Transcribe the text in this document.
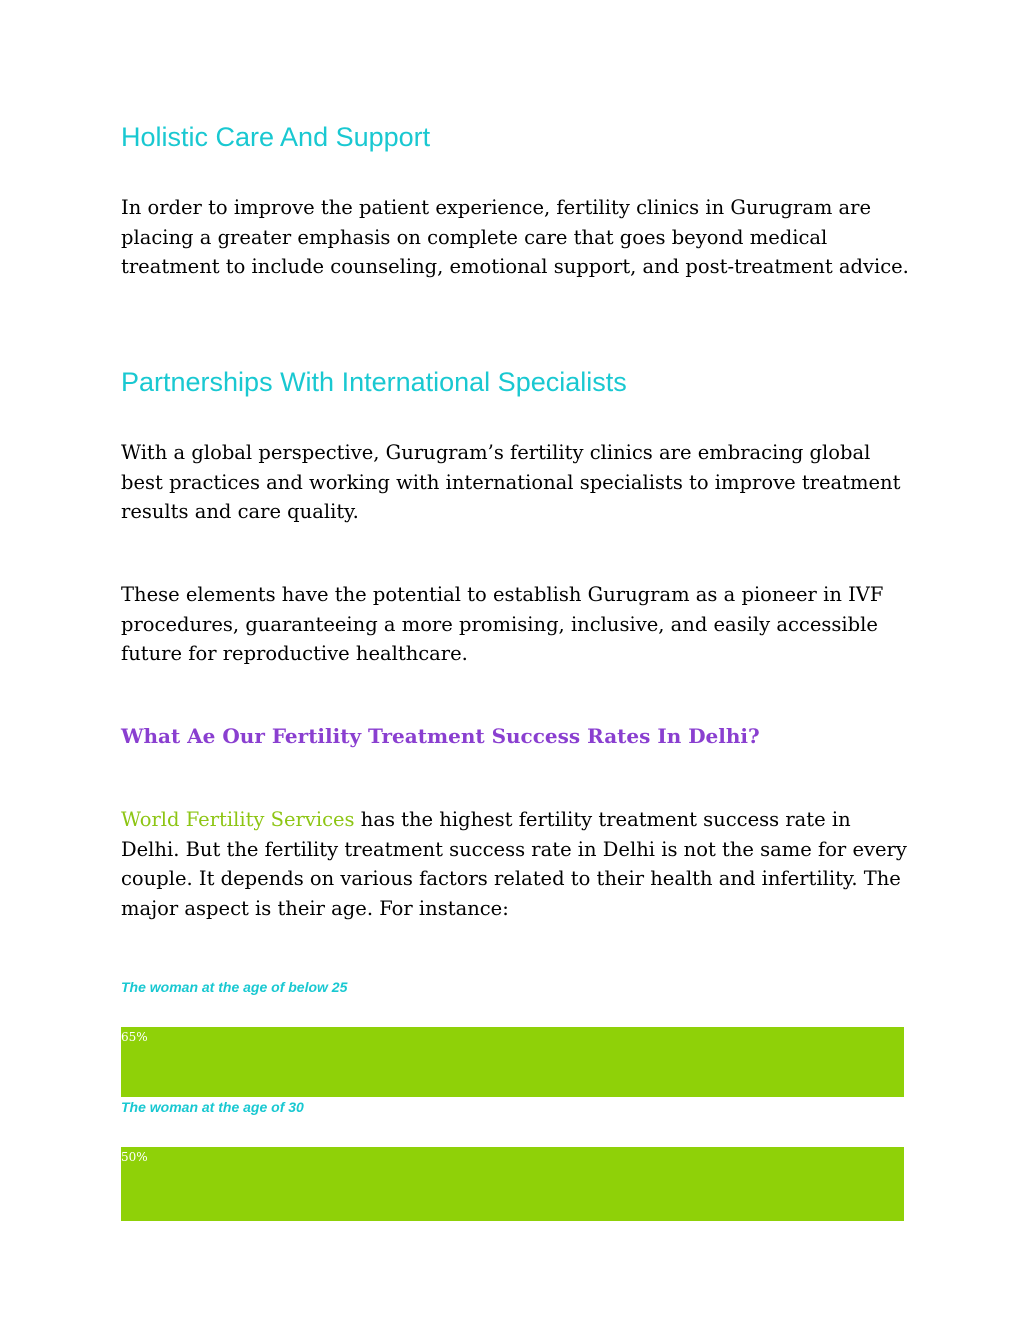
Holistic Care And Support

In order to improve the patient experience, fertility clinics in Gurugram are placing a greater emphasis on complete care that goes beyond medical treatment to include counseling, emotional support, and post-treatment advice.

Partnerships With International Specialists

With a global perspective, Gurugram’s fertility clinics are embracing global best practices and working with international specialists to improve treatment results and care quality.

These elements have the potential to establish Gurugram as a pioneer in IVF procedures, guaranteeing a more promising, inclusive, and easily accessible future for reproductive healthcare.

What Ae Our Fertility Treatment Success Rates In Delhi?

World Fertility Services has the highest fertility treatment success rate in Delhi. But the fertility treatment success rate in Delhi is not the same for every couple. It depends on various factors related to their health and infertility. The major aspect is their age. For instance:

The woman at the age of below 25
65%
The woman at the age of 30
50%
